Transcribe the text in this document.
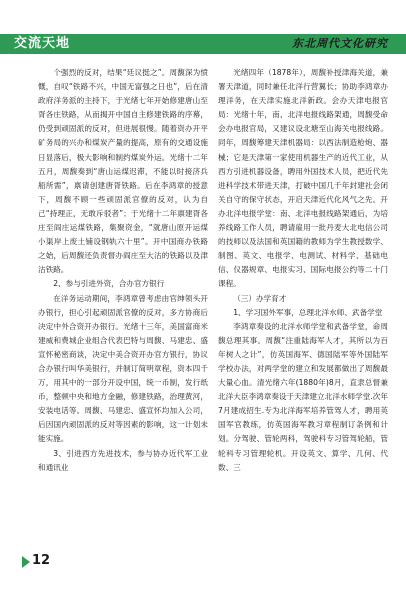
交流天地	东北周代文化研究

个强烈的反对，结果“廷议挺之”。周馥深为愤慨，自叹“铁路不兴，中国无富强之日也”，后在清政府洋务派的主持下，于光绪七年开始修建唐山至胥各庄铁路，从而揭开中国自主修建铁路的序幕，仍受到顽固派的反对，但进展很慢。随着资办开平矿务局的兴办和煤炭产量的提高，原有的交通设施日显落后，极大影响和制约煤炭外运。光绪十二年五月，周馥奏到“唐山运煤迟滞，不能以时接济兵船所需”，禀请创建唐胥铁路。后在李鸿章的授意下，周馥不顾一些顽固派官僚的反对，认为自己“持理正，无敢斥驳者”；于光绪十二年禀建胥各庄至阎庄运煤铁路，集聚资金，“就唐山原开运煤小渠岸上废土铺设钢轨六十里”。开中国商办铁路之始，后周馥还负责督办阎庄至大沽的铁路以及津沽铁路。

2、参与引进外资，合办官方银行

在洋务运动期间，李鸿章曾考虑由官绅领头开办银行，担心引起顽固派官僚的反对，多方协商后决定中外合资开办银行。光绪十三年，美国富商米建威和费城企业组合代表巴特与周馥、马建忠、盛宣怀秘密商谈，决定中美合资开办官方银行，协议合办银行叫华美银行，并制订简明章程，资本四千万，用其中的一部分开设中国，统一币制，发行纸币，整顿中央和地方金融，修建铁路，治理黄河，安装电话等。周馥、马建忠、盛宣怀均加入公司，后因国内顽固派的反对等因素的影响，这一计划未能实施。

3、引进西方先进技术，参与协办近代军工业和通讯业

光绪四年（1878年），周馥补授津海关道，兼署天津道，同时兼任北洋行营翼长；协助李鸿章办理洋务，在天津实施北洋新政。会办天津电报官局：光绪十年，南、北洋电报线路架通，周馥受命会办电报官局，又建议设北塘至山海关电报线路。同年，周馥筹建天津机器局：以西法制造枪炮、器械；它是天津第一家使用机器生产的近代工业，从西方引进机器设备，聘用外国技术人员，把近代先进科学技术带进天津，打破中国几千年封建社会闭关自守的保守状态，开启天津近代化风气之先。开办北洋电报学堂：南、北洋电报线路架通后，为培养线路工作人员，聘请雇用一批丹麦大北电信公司的技师以及法国和英国籍的教师为学生教授数学、制图、英文、电报学、电测试、材料学、基础电信、仪器规章、电报实习、国际电报公约等二十门课程。

（三）办学育才

1、学习国外军事，总理北洋水师、武备学堂

李鸿章奏设的北洋水师学堂和武备学堂，命周馥总理其事。周馥“注重陆海军人才，其所以为百年树人之计”，仿英国海军、德国陆军等外国陆军学校办法，对两学堂的建立和发展都做出了周馥最大量心血。清光绪六年(1880年)8月，直隶总督兼北洋大臣李鸿章奏设于天津建立北洋水师学堂.次年7月建成招生.专为北洋海军培养管驾人才，聘用英国军官教练，仿英国海军教习章程制订条例和计划。分驾驶、管轮两科，驾驶科专习管驾轮船，管轮科专习管理轮机。开设英文、算学、几何、代数、三

12
